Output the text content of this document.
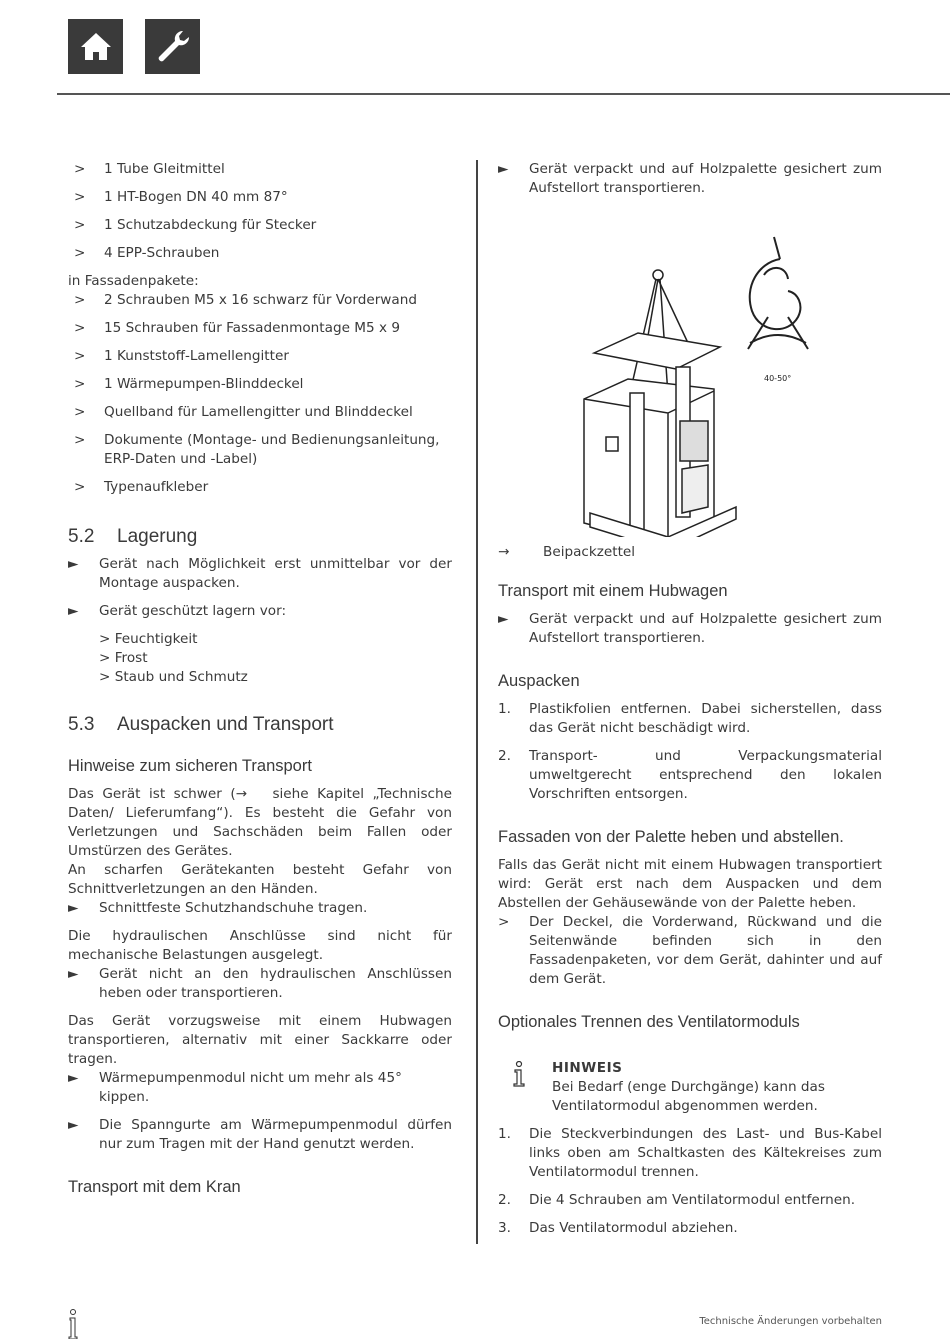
>	1 Tube Gleitmittel
>	1 HT-Bogen DN 40 mm 87°
>	1 Schutzabdeckung für Stecker
>	4 EPP-Schrauben

in Fassadenpakete:

>	2 Schrauben M5 x 16 schwarz für Vorderwand
>	15 Schrauben für Fassadenmontage M5 x 9
>	1 Kunststoff-Lamellengitter
>	1 Wärmepumpen-Blinddeckel
>	Quellband für Lamellengitter und Blinddeckel
>	Dokumente (Montage- und Bedienungsanleitung, ERP-Daten und -Label)
>	Typenaufkleber
5.2 Lagerung
►	Gerät nach Möglichkeit erst unmittelbar vor der Montage auspacken.
►	Gerät geschützt lagern vor:

> Feuchtigkeit

> Frost

> Staub und Schmutz

5.3 Auspacken und Transport
Hinweise zum sicheren Transport

Das Gerät ist schwer (→   siehe Kapitel „Technische Daten/ Lieferumfang“). Es besteht die Gefahr von Verletzungen und Sachschäden beim Fallen oder Umstürzen des Gerätes.

An scharfen Gerätekanten besteht Gefahr von Schnittverletzungen an den Händen.

►	Schnittfeste Schutzhandschuhe tragen.

Die hydraulischen Anschlüsse sind nicht für mechanische Belastungen ausgelegt.

►	Gerät nicht an den hydraulischen Anschlüssen heben oder transportieren.

Das Gerät vorzugsweise mit einem Hubwagen transportieren, alternativ mit einer Sackkarre oder tragen.

►	Wärmepumpenmodul nicht um mehr als 45° kippen.
►	Die Spanngurte am Wärmepumpenmodul dürfen nur zum Tragen mit der Hand genutzt werden.
Transport mit dem Kran
►	Gerät verpackt und auf Holzpalette gesichert zum Aufstellort transportieren.
40-50°
→	Beipackzettel
Transport mit einem Hubwagen
►	Gerät verpackt und auf Holzpalette gesichert zum Aufstellort transportieren.
Auspacken
1. Plastikfolien entfernen. Dabei sicherstellen, dass das Gerät nicht beschädigt wird.
2. Transport- und Verpackungsmaterial umweltgerecht entsprechend den lokalen Vorschriften entsorgen.
Fassaden von der Palette heben und abstellen.

Falls das Gerät nicht mit einem Hubwagen transportiert wird: Gerät erst nach dem Auspacken und dem Abstellen der Gehäusewände von der Palette heben.

>	Der Deckel, die Vorderwand, Rückwand und die Seitenwände befinden sich in den Fassadenpaketen, vor dem Gerät, dahinter und auf dem Gerät.
Optionales Trennen des Ventilatormoduls
HINWEIS
Bei Bedarf (enge Durchgänge) kann das Ventilatormodul abgenommen werden.
1. Die Steckverbindungen des Last- und Bus-Kabel links oben am Schaltkasten des Kältekreises zum Ventilatormodul trennen.
2. Die 4 Schrauben am Ventilatormodul entfernen.
3. Das Ventilatormodul abziehen.
Technische Änderungen vorbehalten
